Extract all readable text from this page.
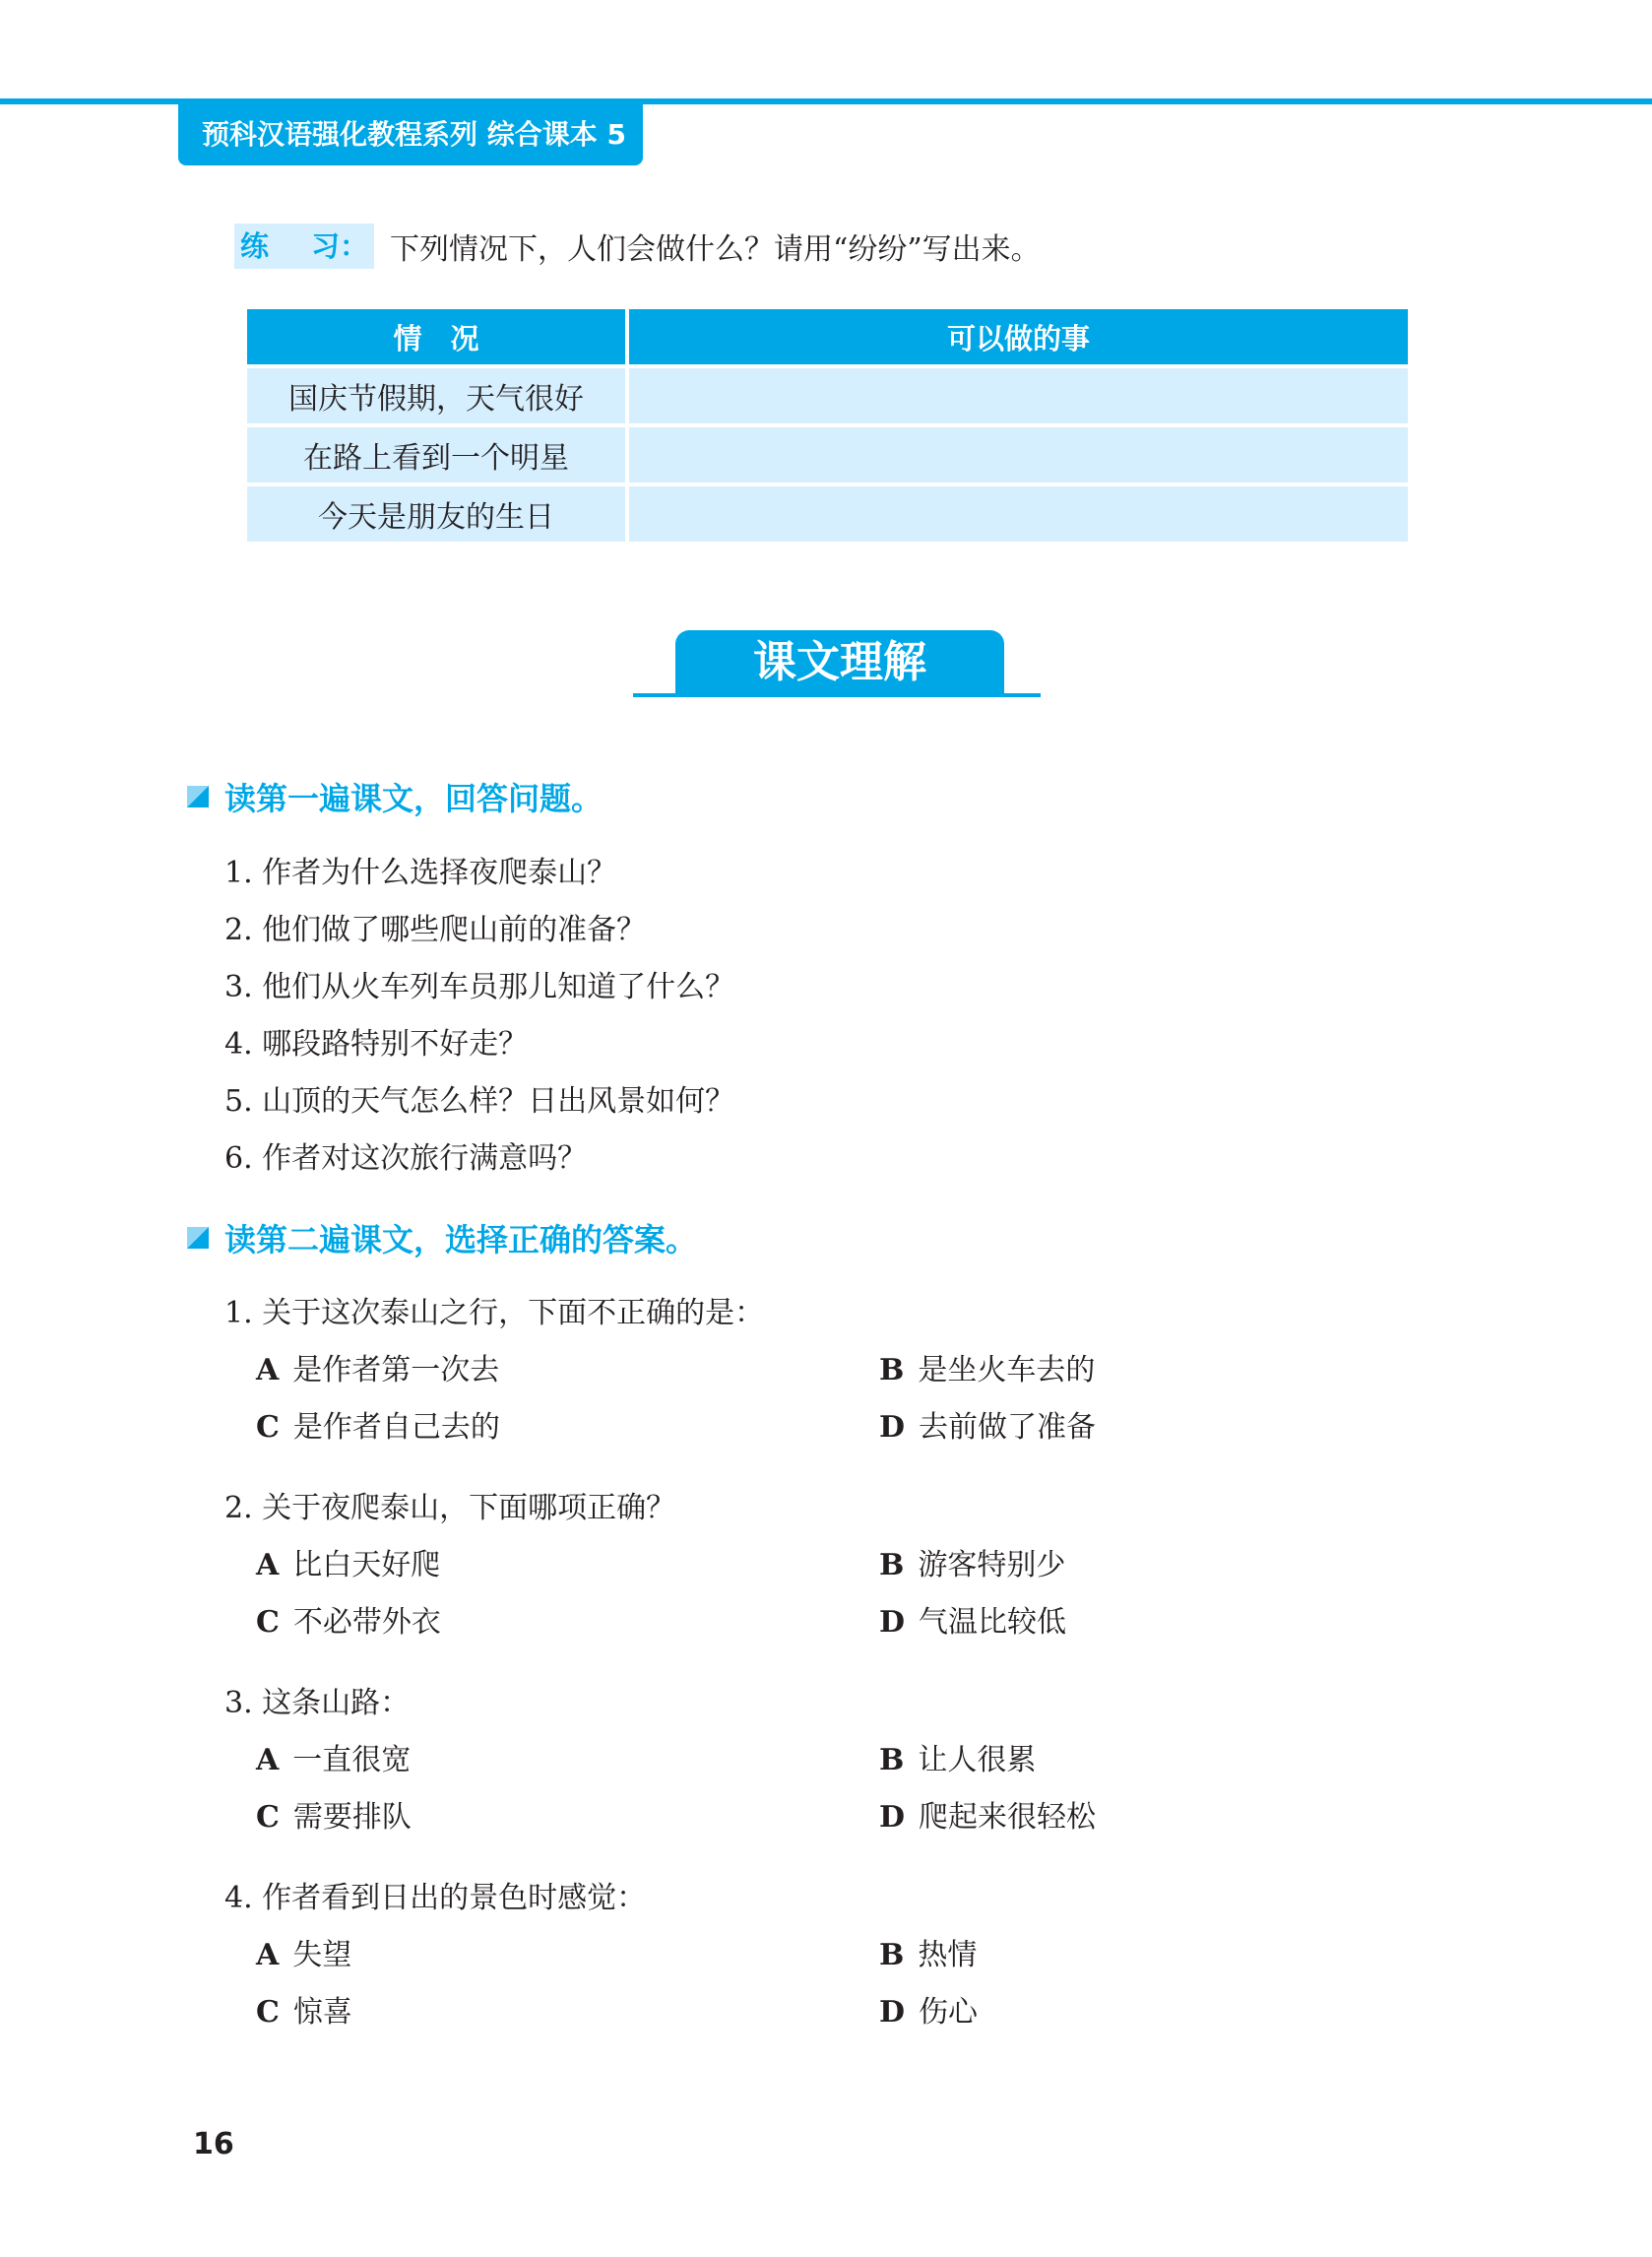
预科汉语强化教程系列 综合课本 5
练 习： 下列情况下，人们会做什么？请用“纷纷”写出来。
情　况	可以做的事
国庆节假期，天气很好	
在路上看到一个明星	
今天是朋友的生日	
课文理解
读第一遍课文，回答问题。
1. 作者为什么选择夜爬泰山？
2. 他们做了哪些爬山前的准备？
3. 他们从火车列车员那儿知道了什么？
4. 哪段路特别不好走？
5. 山顶的天气怎么样？日出风景如何？
6. 作者对这次旅行满意吗？
读第二遍课文，选择正确的答案。
1. 关于这次泰山之行，下面不正确的是：
A 是作者第一次去	B 是坐火车去的
C 是作者自己去的	D 去前做了准备
2. 关于夜爬泰山，下面哪项正确？
A 比白天好爬	B 游客特别少
C 不必带外衣	D 气温比较低
3. 这条山路：
A 一直很宽	B 让人很累
C 需要排队	D 爬起来很轻松
4. 作者看到日出的景色时感觉：
A 失望	B 热情
C 惊喜	D 伤心
16
